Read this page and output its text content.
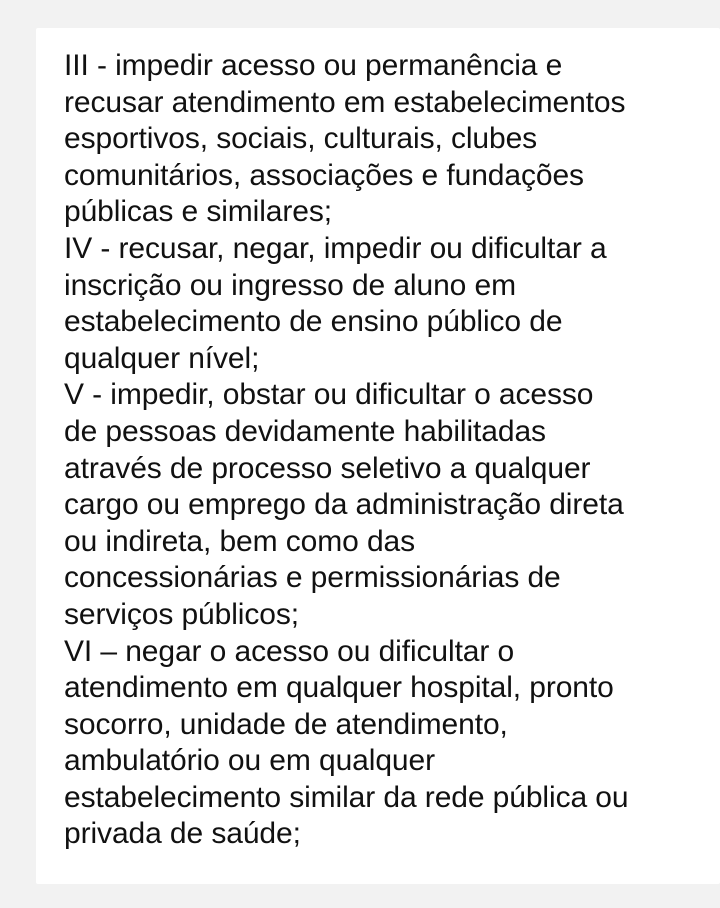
III - impedir acesso ou permanência e
recusar atendimento em estabelecimentos
esportivos, sociais, culturais, clubes
comunitários, associações e fundações
públicas e similares;
IV - recusar, negar, impedir ou dificultar a
inscrição ou ingresso de aluno em
estabelecimento de ensino público de
qualquer nível;
V - impedir, obstar ou dificultar o acesso
de pessoas devidamente habilitadas
através de processo seletivo a qualquer
cargo ou emprego da administração direta
ou indireta, bem como das
concessionárias e permissionárias de
serviços públicos;
VI – negar o acesso ou dificultar o
atendimento em qualquer hospital, pronto
socorro, unidade de atendimento,
ambulatório ou em qualquer
estabelecimento similar da rede pública ou
privada de saúde;
